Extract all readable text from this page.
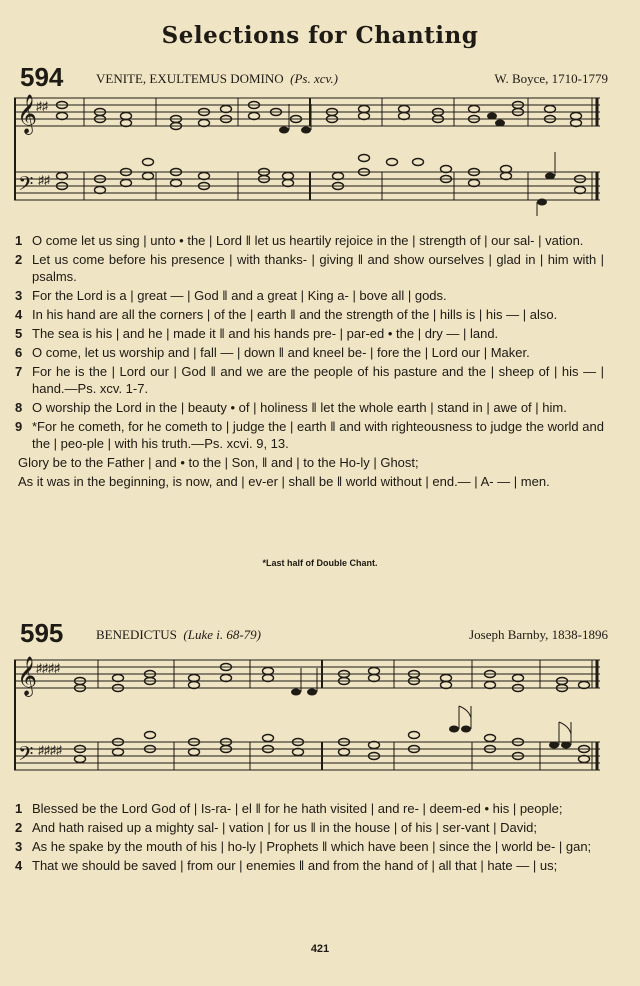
Selections for Chanting
594	VENITE, EXULTEMUS DOMINO (Ps. xcv.)	W. Boyce, 1710-1779
𝄞
♯♯
𝄢 ♯♯

1 O come let us sing | unto • the | Lord ‖ let us heartily rejoice in the | strength of | our sal- | vation.

2 Let us come before his presence | with thanks- | giving ‖ and show ourselves | glad in | him with | psalms.

3 For the Lord is a | great — | God ‖ and a great | King a- | bove all | gods.

4 In his hand are all the corners | of the | earth ‖ and the strength of the | hills is | his — | also.

5 The sea is his | and he | made it ‖ and his hands pre- | par-ed • the | dry — | land.

6 O come, let us worship and | fall — | down ‖ and kneel be- | fore the | Lord our | Maker.

7 For he is the | Lord our | God ‖ and we are the people of his pasture and the | sheep of | his — | hand.—Ps. xcv. 1-7.

8 O worship the Lord in the | beauty • of | holiness ‖ let the whole earth | stand in | awe of | him.

9 *For he cometh, for he cometh to | judge the | earth ‖ and with righteousness to judge the world and the | peo-ple | with his truth.—Ps. xcvi. 9, 13.

Glory be to the Father | and • to the | Son, ‖ and | to the Ho-ly | Ghost;

As it was in the beginning, is now, and | ev-er | shall be ‖ world without | end.— | A- — | men.

*Last half of Double Chant.
595	BENEDICTUS (Luke i. 68-79)	Joseph Barnby, 1838-1896
𝄞
♯♯♯♯
𝄢 ♯♯♯♯

1 Blessed be the Lord God of | Is-ra- | el ‖ for he hath visited | and re- | deem-ed • his | people;

2 And hath raised up a mighty sal- | vation | for us ‖ in the house | of his | ser-vant | David;

3 As he spake by the mouth of his | ho-ly | Prophets ‖ which have been | since the | world be- | gan;

4 That we should be saved | from our | enemies ‖ and from the hand of | all that | hate — | us;

421
